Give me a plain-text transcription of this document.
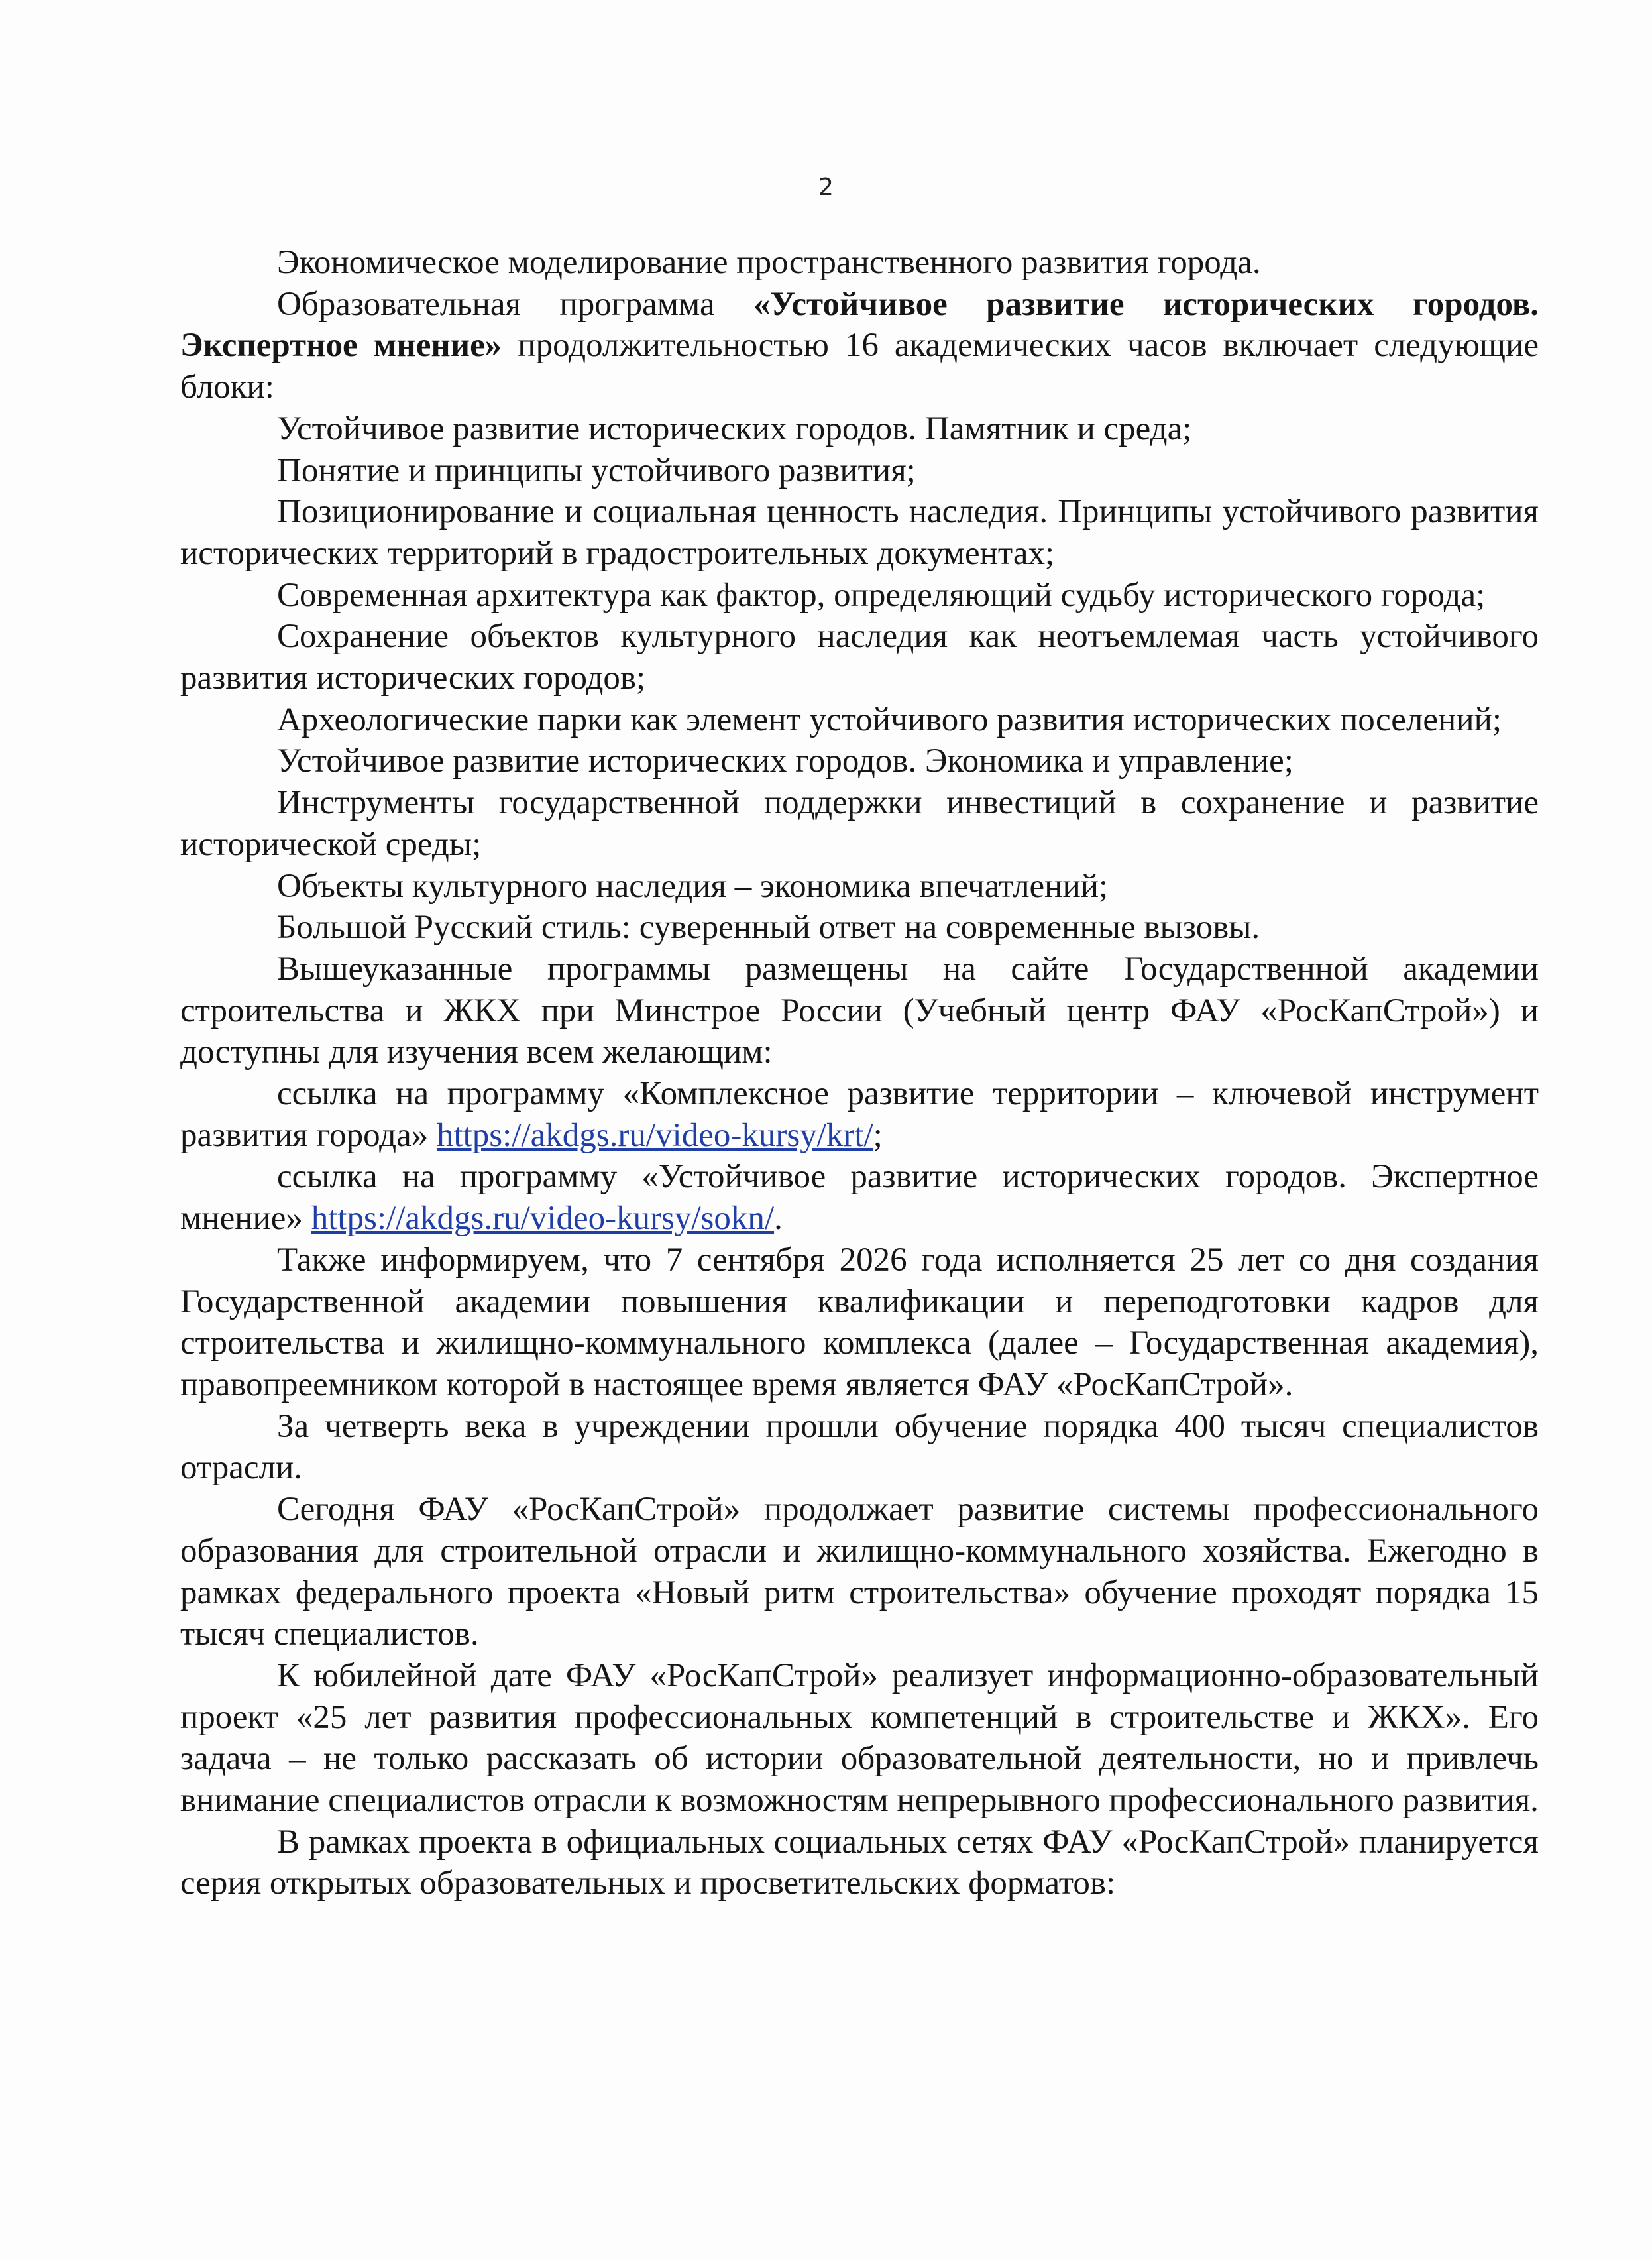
2

Экономическое моделирование пространственного развития города.

Образовательная программа «Устойчивое развитие исторических городов. Экспертное мнение» продолжительностью 16 академических часов включает следующие блоки:

Устойчивое развитие исторических городов. Памятник и среда;

Понятие и принципы устойчивого развития;

Позиционирование и социальная ценность наследия. Принципы устойчивого развития исторических территорий в градостроительных документах;

Современная архитектура как фактор, определяющий судьбу исторического города;

Сохранение объектов культурного наследия как неотъемлемая часть устойчивого развития исторических городов;

Археологические парки как элемент устойчивого развития исторических поселений;

Устойчивое развитие исторических городов. Экономика и управление;

Инструменты государственной поддержки инвестиций в сохранение и развитие исторической среды;

Объекты культурного наследия – экономика впечатлений;

Большой Русский стиль: суверенный ответ на современные вызовы.

Вышеуказанные программы размещены на сайте Государственной академии строительства и ЖКХ при Минстрое России (Учебный центр ФАУ «РосКапСтрой») и доступны для изучения всем желающим:

ссылка на программу «Комплексное развитие территории – ключевой инструмент развития города» https://akdgs.ru/video-kursy/krt/;

ссылка на программу «Устойчивое развитие исторических городов. Экспертное мнение» https://akdgs.ru/video-kursy/sokn/.

Также информируем, что 7 сентября 2026 года исполняется 25 лет со дня создания Государственной академии повышения квалификации и переподготовки кадров для строительства и жилищно-коммунального комплекса (далее – Государственная академия), правопреемником которой в настоящее время является ФАУ «РосКапСтрой».

За четверть века в учреждении прошли обучение порядка 400 тысяч специалистов отрасли.

Сегодня ФАУ «РосКапСтрой» продолжает развитие системы профессионального образования для строительной отрасли и жилищно-коммунального хозяйства. Ежегодно в рамках федерального проекта «Новый ритм строительства» обучение проходят порядка 15 тысяч специалистов.

К юбилейной дате ФАУ «РосКапСтрой» реализует информационно-образовательный проект «25 лет развития профессиональных компетенций в строительстве и ЖКХ». Его задача – не только рассказать об истории образовательной деятельности, но и привлечь внимание специалистов отрасли к возможностям непрерывного профессионального развития.

В рамках проекта в официальных социальных сетях ФАУ «РосКапСтрой» планируется серия открытых образовательных и просветительских форматов:
